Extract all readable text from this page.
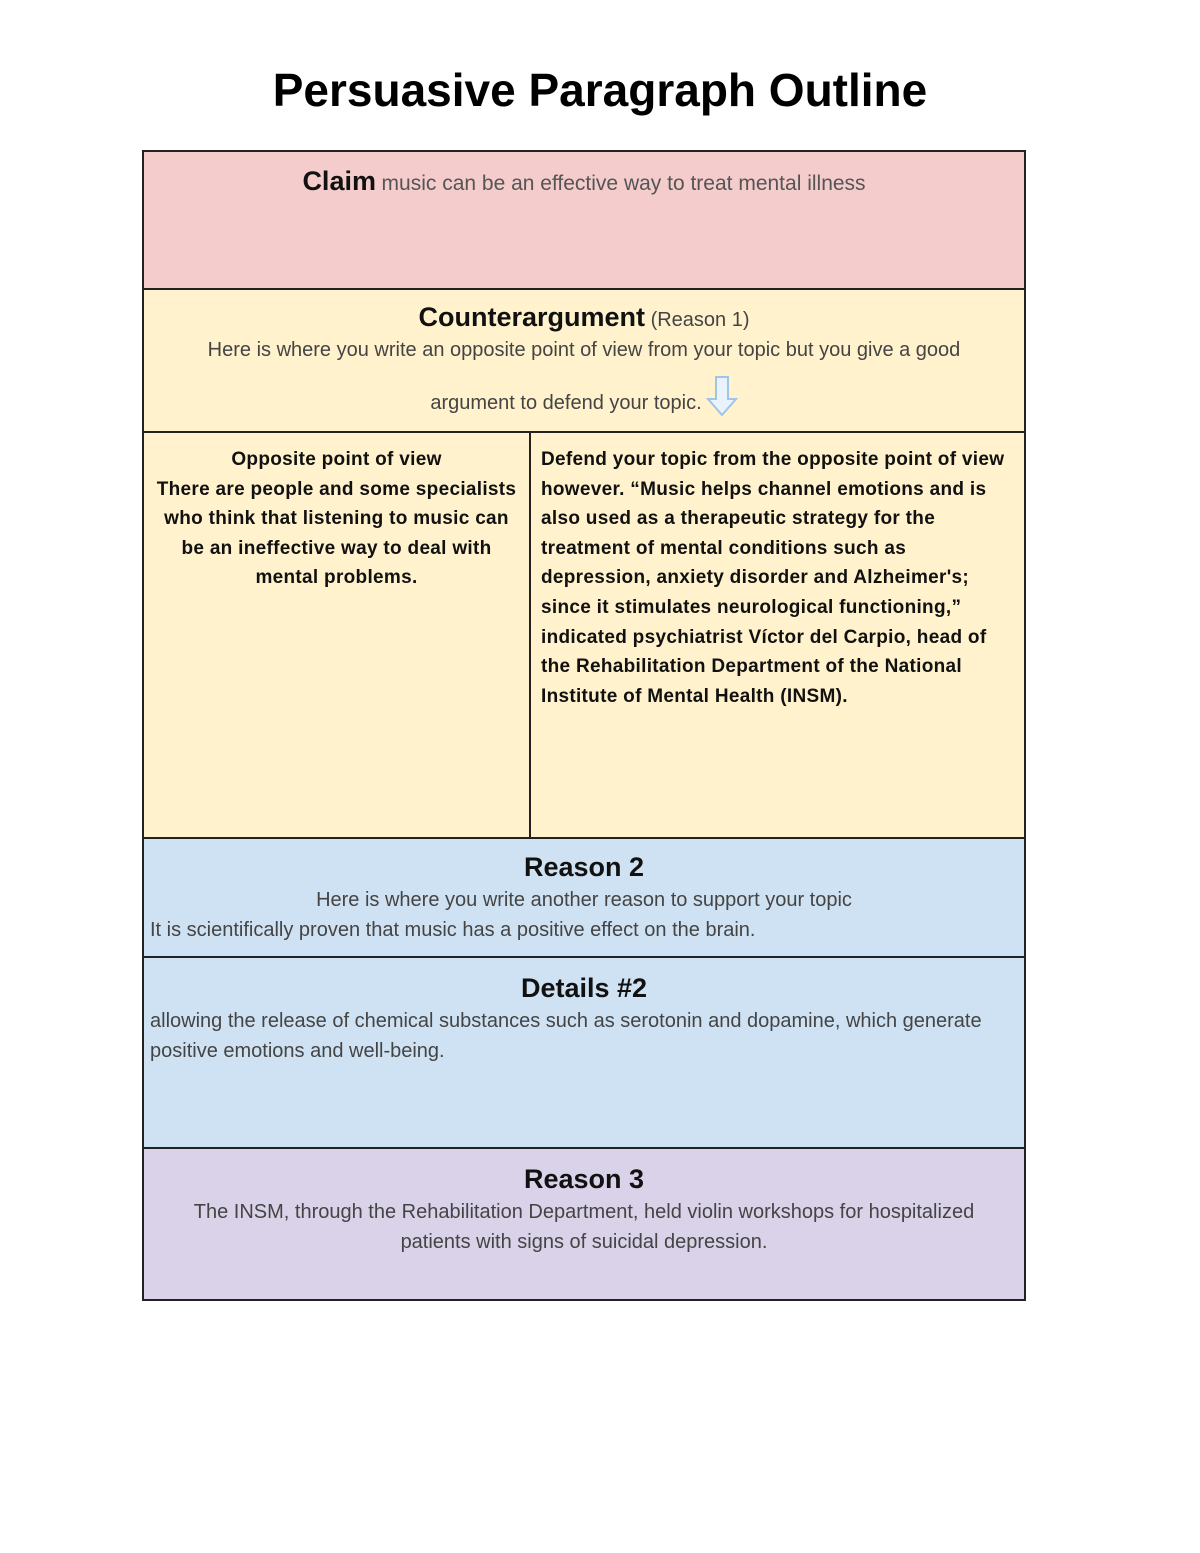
Persuasive Paragraph Outline
Claim music can be an effective way to treat mental illness
Counterargument (Reason 1)
Here is where you write an opposite point of view from your topic but you give a good
argument to defend your topic.
Opposite point of view
There are people and some specialists who think that listening to music can be an ineffective way to deal with mental problems.
Defend your topic from the opposite point of view
however. “Music helps channel emotions and is also used as a therapeutic strategy for the treatment of mental conditions such as depression, anxiety disorder and Alzheimer's; since it stimulates neurological functioning,” indicated psychiatrist Víctor del Carpio, head of the Rehabilitation Department of the National Institute of Mental Health (INSM).
Reason 2
Here is where you write another reason to support your topic
It is scientifically proven that music has a positive effect on the brain.
Details #2
allowing the release of chemical substances such as serotonin and dopamine, which generate positive emotions and well-being.
Reason 3
The INSM, through the Rehabilitation Department, held violin workshops for hospitalized patients with signs of suicidal depression.
